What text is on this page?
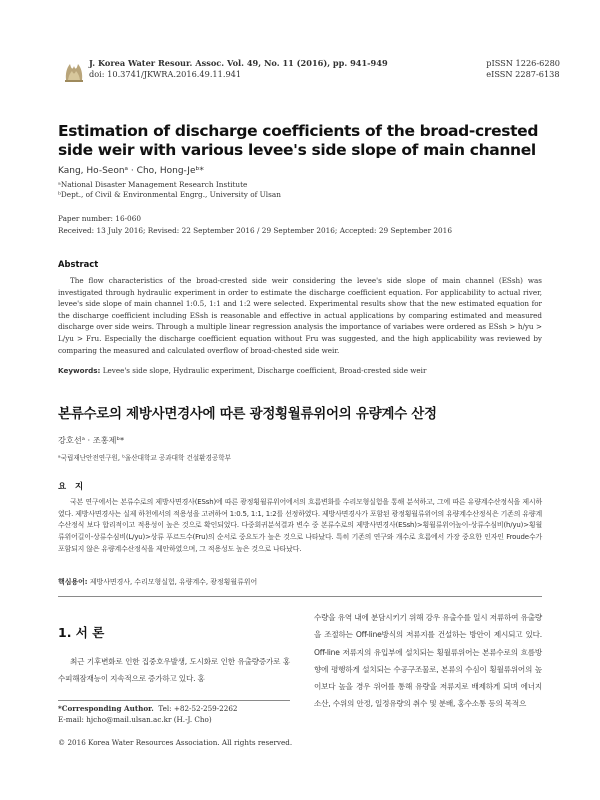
J. Korea Water Resour. Assoc. Vol. 49, No. 11 (2016), pp. 941-949
doi: 10.3741/JKWRA.2016.49.11.941
pISSN 1226-6280
eISSN 2287-6138
Estimation of discharge coefficients of the broad-crested side weir with various levee's side slope of main channel
Kang, Ho-Seonᵃ · Cho, Hong-Jeᵇ*
ᵃNational Disaster Management Research Institute
ᵇDept., of Civil & Environmental Engrg., University of Ulsan
Paper number: 16-060
Received: 13 July 2016; Revised: 22 September 2016 / 29 September 2016; Accepted: 29 September 2016
Abstract

The flow characteristics of the broad-crested side weir considering the levee's side slope of main channel (ESsh) was investigated through hydraulic experiment in order to estimate the discharge coefficient equation. For applicability to actual river, levee's side slope of main channel 1:0.5, 1:1 and 1:2 were selected. Experimental results show that the new estimated equation for the discharge coefficient including ESsh is reasonable and effective in actual applications by comparing estimated and measured discharge over side weirs. Through a multiple linear regression analysis the importance of variabes were ordered as ESsh > h/yu > L/yu > Fru. Especially the discharge coefficient equation without Fru was suggested, and the high applicability was reviewed by comparing the measured and calculated overflow of broad-chested side weir.

Keywords: Levee's side slope, Hydraulic experiment, Discharge coefficient, Broad-crested side weir
본류수로의 제방사면경사에 따른 광정횡월류위어의 유량계수 산정
강호선ᵃ · 조홍제ᵇ*
ᵃ국립재난안전연구원, ᵇ울산대학교 공과대학 건설환경공학부
요 지

국본 연구에서는 본류수로의 제방사면경사(ESsh)에 따른 광정횡월류위어에서의 흐름변화를 수리모형실험을 통해 분석하고, 그에 따른 유량계수산정식을 제시하였다. 제방사면경사는 실제 하천에서의 적용성을 고려하여 1:0.5, 1:1, 1:2를 선정하였다. 제방사면경사가 포함된 광정횡월류위어의 유량계수산정식은 기존의 유량계수산정식 보다 합리적이고 적용성이 높은 것으로 확인되었다. 다중회귀분석결과 변수 중 본류수로의 제방사면경사(ESsh)>횡월류위어높이-상류수심비(h/yu)>횡월류위어길이-상류수심비(L/yu)>상류 푸르드수(Fru)의 순서로 중요도가 높은 것으로 나타났다. 특히 기존의 연구와 개수로 흐름에서 가장 중요한 인자인 Froude수가 포함되지 않은 유량계수산정식을 제안하였으며, 그 적용성도 높은 것으로 나타났다.

핵심용어: 제방사면경사, 수리모형실험, 유량계수, 광정횡월류위어
1. 서 론

최근 기후변화로 인한 집중호우발생, 도시화로 인한 유출량증가로 홍수피해잠재능이 지속적으로 증가하고 있다. 홍

수량을 유역 내에 분담시키기 위해 강우 유출수를 일시 저류하여 유출량을 조절하는 Off-line방식의 저류지를 건설하는 방안이 제시되고 있다. Off-line 저류지의 유입부에 설치되는 횡월류위어는 본류수로의 흐름방향에 평행하게 설치되는 수공구조물로, 본류의 수심이 횡월류위어의 높이보다 높을 경우 위어를 통해 유량을 저류지로 배제하게 되며 에너지 소산, 수위의 안정, 일정유량의 취수 및 분배, 홍수소통 등의 목적으

*Corresponding Author. Tel: +82-52-259-2262
E-mail: hjcho@mail.ulsan.ac.kr (H.-J. Cho)
© 2016 Korea Water Resources Association. All rights reserved.
